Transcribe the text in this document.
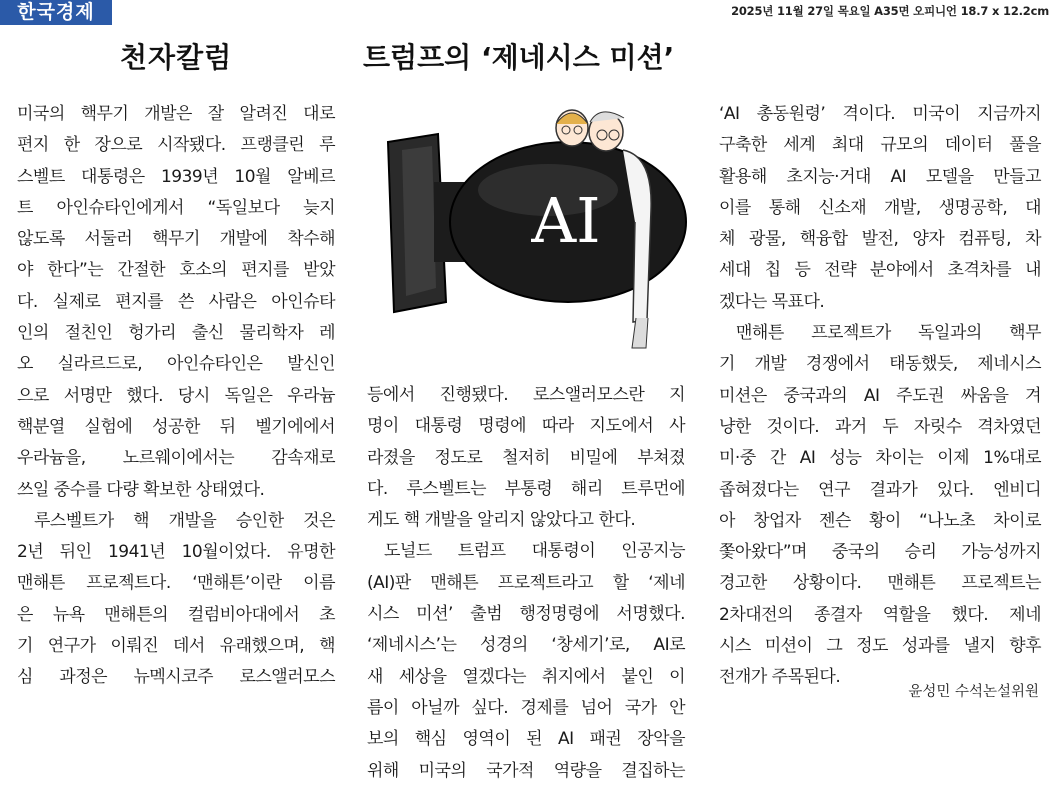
한국경제	2025년 11월 27일 목요일 A35면 오피니언 18.7 x 12.2cm
천자칼럼	트럼프의 ‘제네시스 미션’
AI
미국의 핵무기 개발은 잘 알려진 대로
편지 한 장으로 시작됐다. 프랭클린 루
스벨트 대통령은 1939년 10월 알베르
트 아인슈타인에게서 “독일보다 늦지
않도록 서둘러 핵무기 개발에 착수해
야 한다”는 간절한 호소의 편지를 받았
다. 실제로 편지를 쓴 사람은 아인슈타
인의 절친인 헝가리 출신 물리학자 레
오 실라르드로, 아인슈타인은 발신인
으로 서명만 했다. 당시 독일은 우라늄
핵분열 실험에 성공한 뒤 벨기에에서
우라늄을, 노르웨이에서는 감속재로
쓰일 중수를 다량 확보한 상태였다.
루스벨트가 핵 개발을 승인한 것은
2년 뒤인 1941년 10월이었다. 유명한
맨해튼 프로젝트다. ‘맨해튼’이란 이름
은 뉴욕 맨해튼의 컬럼비아대에서 초
기 연구가 이뤄진 데서 유래했으며, 핵
심 과정은 뉴멕시코주 로스앨러모스
등에서 진행됐다. 로스앨러모스란 지
명이 대통령 명령에 따라 지도에서 사
라졌을 정도로 철저히 비밀에 부쳐졌
다. 루스벨트는 부통령 해리 트루먼에
게도 핵 개발을 알리지 않았다고 한다.
도널드 트럼프 대통령이 인공지능
(AI)판 맨해튼 프로젝트라고 할 ‘제네
시스 미션’ 출범 행정명령에 서명했다.
‘제네시스’는 성경의 ‘창세기’로, AI로
새 세상을 열겠다는 취지에서 붙인 이
름이 아닐까 싶다. 경제를 넘어 국가 안
보의 핵심 영역이 된 AI 패권 장악을
위해 미국의 국가적 역량을 결집하는
‘AI 총동원령’ 격이다. 미국이 지금까지
구축한 세계 최대 규모의 데이터 풀을
활용해 초지능·거대 AI 모델을 만들고
이를 통해 신소재 개발, 생명공학, 대
체 광물, 핵융합 발전, 양자 컴퓨팅, 차
세대 칩 등 전략 분야에서 초격차를 내
겠다는 목표다.
맨해튼 프로젝트가 독일과의 핵무
기 개발 경쟁에서 태동했듯, 제네시스
미션은 중국과의 AI 주도권 싸움을 겨
냥한 것이다. 과거 두 자릿수 격차였던
미·중 간 AI 성능 차이는 이제 1%대로
좁혀졌다는 연구 결과가 있다. 엔비디
아 창업자 젠슨 황이 “나노초 차이로
쫓아왔다”며 중국의 승리 가능성까지
경고한 상황이다. 맨해튼 프로젝트는
2차대전의 종결자 역할을 했다. 제네
시스 미션이 그 정도 성과를 낼지 향후
전개가 주목된다.
윤성민 수석논설위원
